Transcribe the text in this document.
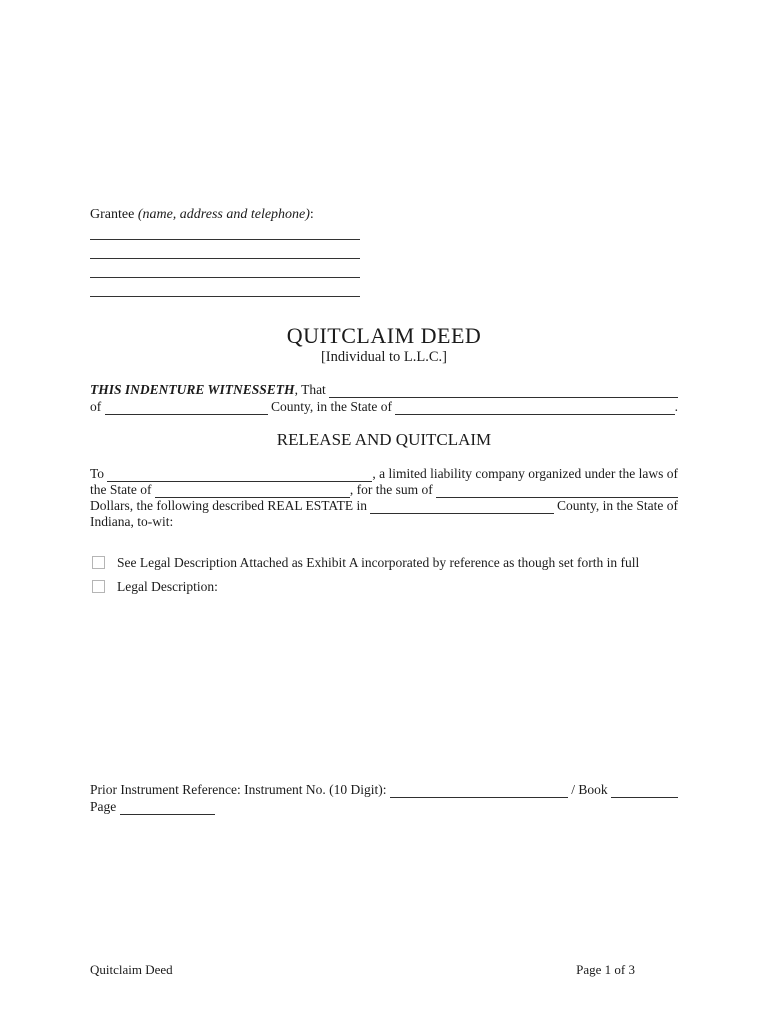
Grantee (name, address and telephone):
QUITCLAIM DEED
[Individual to L.L.C.]
THIS INDENTURE WITNESSETH , That
of	County, in the State of	.
RELEASE AND QUITCLAIM
To	, a limited liability company organized under the laws of
the State of	, for the sum of
Dollars, the following described REAL ESTATE in	County, in the State of
Indiana, to-wit:
See Legal Description Attached as Exhibit A incorporated by reference as though set forth in full
Legal Description:
Prior Instrument Reference: Instrument No. (10 Digit):	/ Book
Page
Quitclaim Deed	Page 1 of 3
